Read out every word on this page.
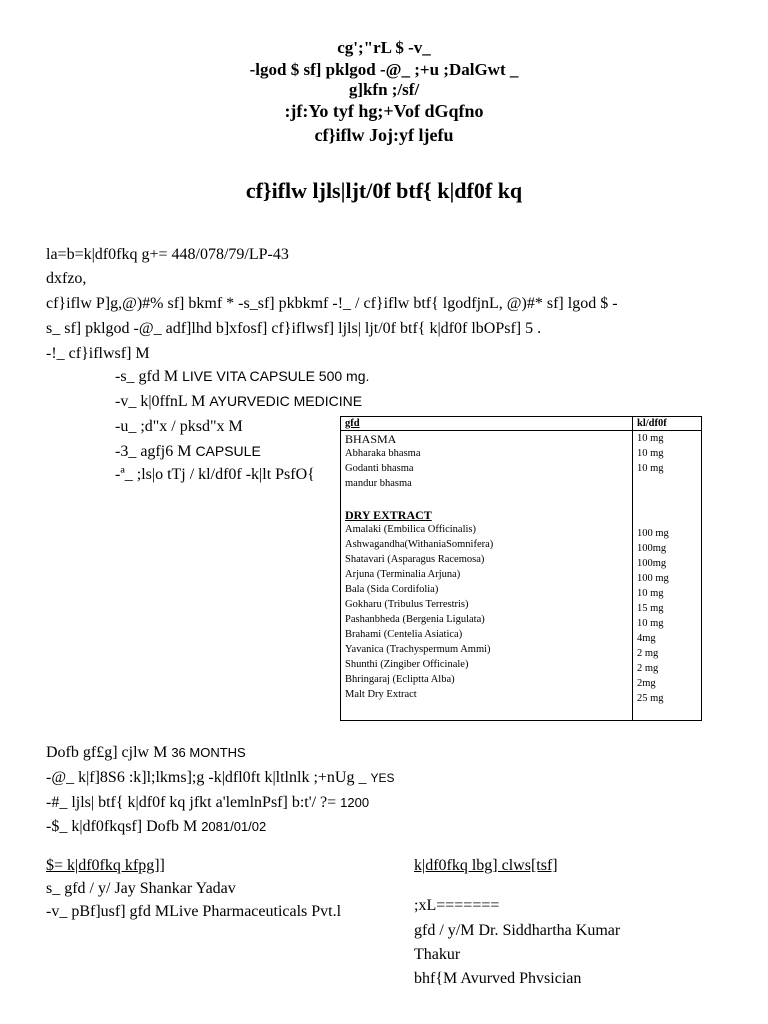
cg';"rL $ -v_
-lgod $ sf] pklgod -@_ ;+u ;DalGwt _
g]kfn ;/sf/
:jf:Yo tyf hg;+Vof dGqfno
cf}iflw Joj:yf ljefu
cf}iflw ljls|ljt/0f btf{ k|df0f kq
la=b=k|df0fkq g+= 448/078/79/LP-43
dxfzo,
cf}iflw P]g,@)#% sf] bkmf * -s_sf] pkbkmf -!_ / cf}iflw btf{ lgodfjnL, @)#* sf] lgod $ -
s_ sf] pklgod -@_ adf]lhd b]xfosf] cf}iflwsf] ljls| ljt/0f btf{ k|df0f lbOPsf] 5 .
-!_ cf}iflwsf] M
-s_ gfd M LIVE VITA CAPSULE 500 mg.
-v_ k|0ffnL M AYURVEDIC MEDICINE
-u_ ;d"x / pksd"x M
-3_ agfj6 M CAPSULE
-ª_ ;ls|o tTj / kl/df0f -k|lt PsfO{
gfd	kl/df0f
BHASMA	10 mg
Abharaka bhasma	10 mg
Godanti bhasma	10 mg
mandur bhasma
DRY EXTRACT
Amalaki (Embilica Officinalis)	100 mg
Ashwagandha(WithaniaSomnifera)	100mg
Shatavari (Asparagus Racemosa)	100mg
Arjuna (Terminalia Arjuna)	100 mg
Bala (Sida Cordifolia)	10 mg
Gokharu (Tribulus Terrestris)	15 mg
Pashanbheda (Bergenia Ligulata)	10 mg
Brahami (Centelia Asiatica)	4mg
Yavanica (Trachyspermum Ammi)	2 mg
Shunthi (Zingiber Officinale)	2 mg
Bhringaraj (Ecliptta Alba)	2mg
Malt Dry Extract	25 mg
Dofb gf£g] cjlw M 36 MONTHS
-@_ k|f]8S6 :k]l;lkms];g -k|dfl0ft k|ltlnlk ;+nUg _ YES
-#_ ljls| btf{ k|df0f kq jfkt a'lemlnPsf] b:t'/ ?= 1200
-$_ k|df0fkqsf] Dofb M 2081/01/02
$= k|df0fkq kfpg]]
s_ gfd / y/ Jay Shankar Yadav
-v_ pBf]usf] gfd MLive Pharmaceuticals Pvt.l
k|df0fkq lbg] clws[tsf]
;xL=======
gfd / y/M Dr. Siddhartha Kumar
Thakur
bhf{M Avurved Phvsician
